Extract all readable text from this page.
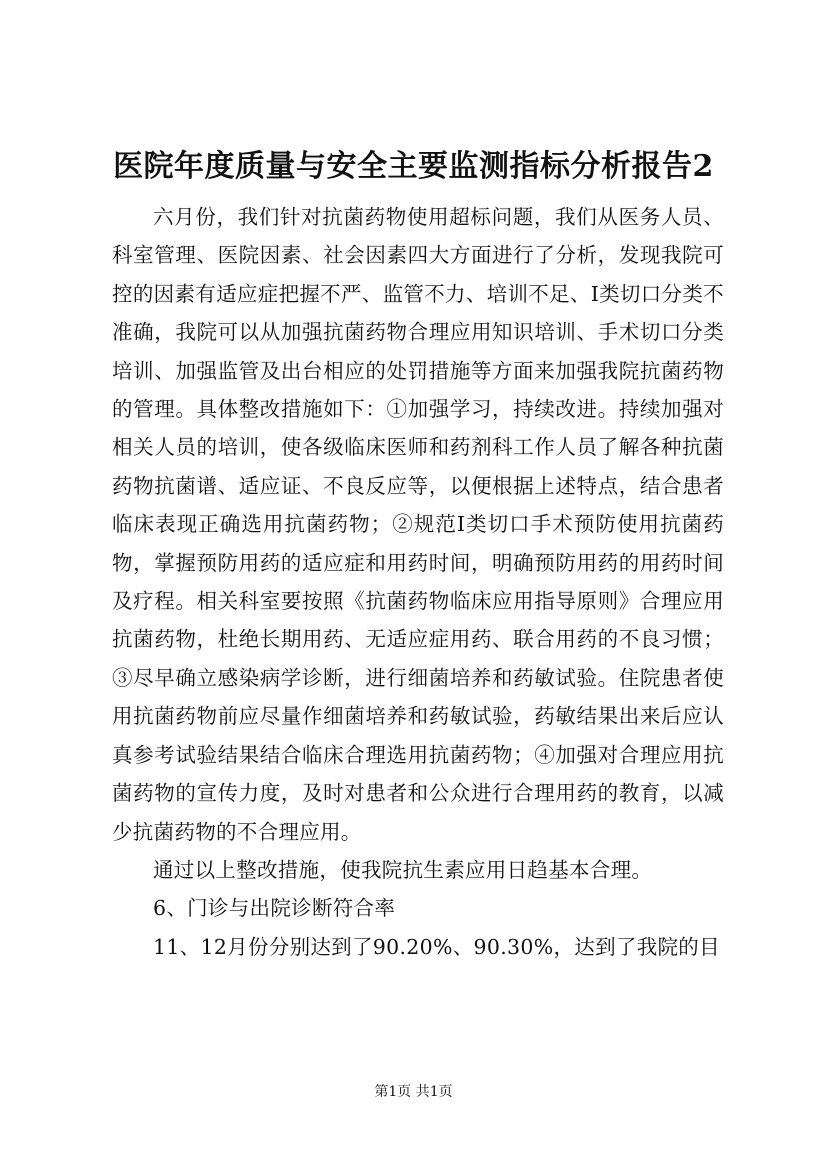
医院年度质量与安全主要监测指标分析报告2

六月份，我们针对抗菌药物使用超标问题，我们从医务人员、科室管理、医院因素、社会因素四大方面进行了分析，发现我院可控的因素有适应症把握不严、监管不力、培训不足、Ⅰ类切口分类不准确，我院可以从加强抗菌药物合理应用知识培训、手术切口分类培训、加强监管及出台相应的处罚措施等方面来加强我院抗菌药物的管理。具体整改措施如下：①加强学习，持续改进。持续加强对相关人员的培训，使各级临床医师和药剂科工作人员了解各种抗菌药物抗菌谱、适应证、不良反应等，以便根据上述特点，结合患者临床表现正确选用抗菌药物；②规范Ⅰ类切口手术预防使用抗菌药物，掌握预防用药的适应症和用药时间，明确预防用药的用药时间及疗程。相关科室要按照《抗菌药物临床应用指导原则》合理应用抗菌药物，杜绝长期用药、无适应症用药、联合用药的不良习惯；③尽早确立感染病学诊断，进行细菌培养和药敏试验。住院患者使用抗菌药物前应尽量作细菌培养和药敏试验，药敏结果出来后应认真参考试验结果结合临床合理选用抗菌药物；④加强对合理应用抗菌药物的宣传力度，及时对患者和公众进行合理用药的教育，以减少抗菌药物的不合理应用。

通过以上整改措施，使我院抗生素应用日趋基本合理。

6、门诊与出院诊断符合率

11、12月份分别达到了90.20%、90.30%，达到了我院的目

第1页 共1页
